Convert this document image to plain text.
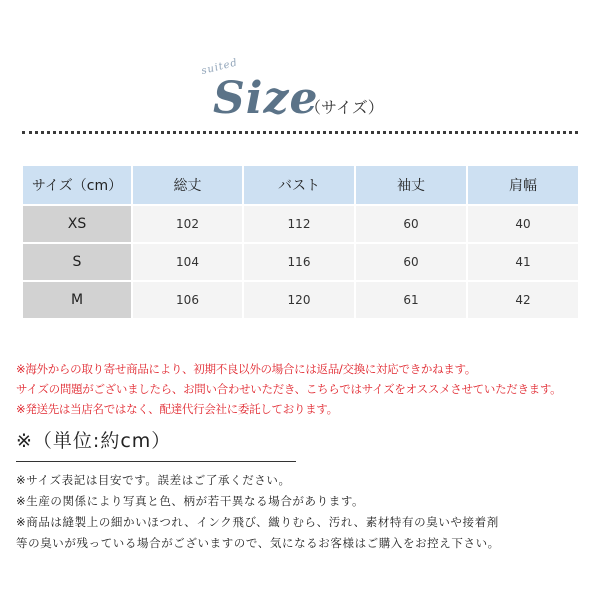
suited
Size
（サイズ）
サイズ（cm）	総丈	バスト	袖丈	肩幅
XS	102	112	60	40
S	104	116	60	41
M	106	120	61	42

※海外からの取り寄せ商品により、初期不良以外の場合には返品/交換に対応できかねます。

サイズの問題がございましたら、お問い合わせいただき、こちらではサイズをオススメさせていただきます。

※発送先は当店名ではなく、配達代行会社に委託しております。

※（単位:約cm）

※サイズ表記は目安です。誤差はご了承ください。

※生産の関係により写真と色、柄が若干異なる場合があります。

※商品は縫製上の細かいほつれ、インク飛び、織りむら、汚れ、素材特有の臭いや接着剤

等の臭いが残っている場合がございますので、気になるお客様はご購入をお控え下さい。
